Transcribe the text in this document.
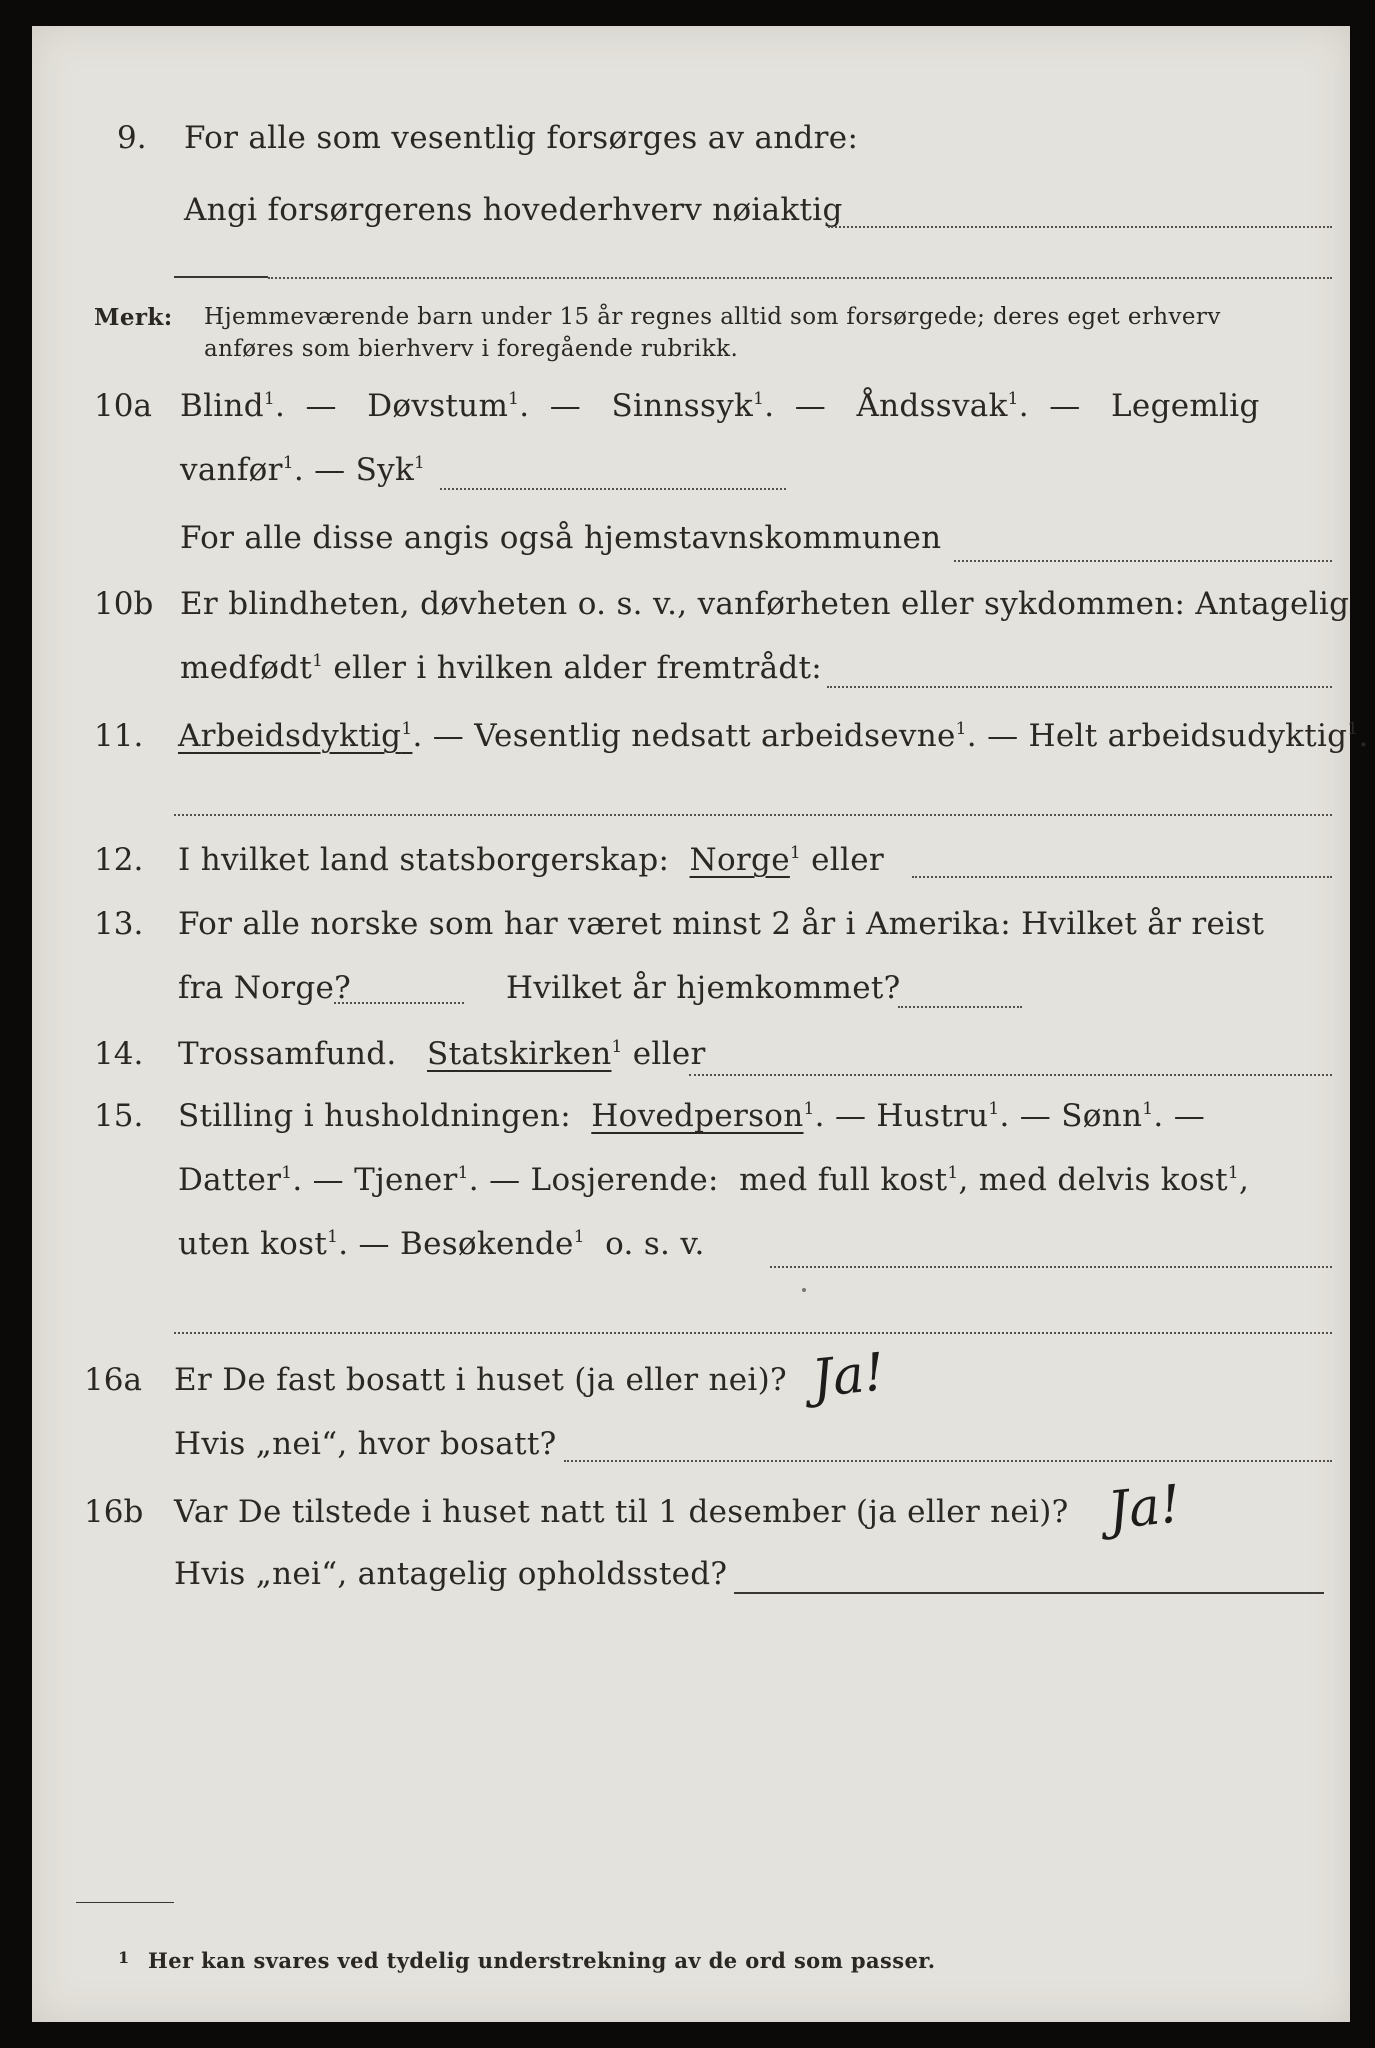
9. For alle som vesentlig forsørges av andre:
Angi forsørgerens hovederhverv nøiaktig
Merk: Hjemmeværende barn under 15 år regnes alltid som forsørgede; deres eget erhverv
anføres som bierhverv i foregående rubrikk.
10a Blind$^1$.  —   Døvstum$^1$.  —   Sinnssyk$^1$.  —   Åndssvak$^1$.  —   Legemlig
vanfør$^1$. — Syk$^1$
For alle disse angis også hjemstavnskommunen
10b Er blindheten, døvheten o. s. v., vanførheten eller sykdommen: Antagelig
medfødt$^1$ eller i hvilken alder fremtrådt:
11. Arbeidsdyktig$^1$. — Vesentlig nedsatt arbeidsevne$^1$. — Helt arbeidsudyktig$^1$.
12. I hvilket land statsborgerskap: Norge$^1$ eller
13. For alle norske som har været minst 2 år i Amerika: Hvilket år reist
fra Norge?	Hvilket år hjemkommet?
14. Trossamfund. Statskirken$^1$ eller
15. Stilling i husholdningen: Hovedperson$^1$. — Hustru$^1$. — Sønn$^1$. —
Datter$^1$. — Tjener$^1$. — Losjerende: med full kost$^1$, med delvis kost$^1$,
uten kost$^1$. — Besøkende$^1$ o. s. v.
16a Er De fast bosatt i huset (ja eller nei)? Ja!
Hvis „nei“, hvor bosatt?
16b Var De tilstede i huset natt til 1 desember (ja eller nei)? Ja!
Hvis „nei“, antagelig opholdssted?
1 Her kan svares ved tydelig understrekning av de ord som passer.
